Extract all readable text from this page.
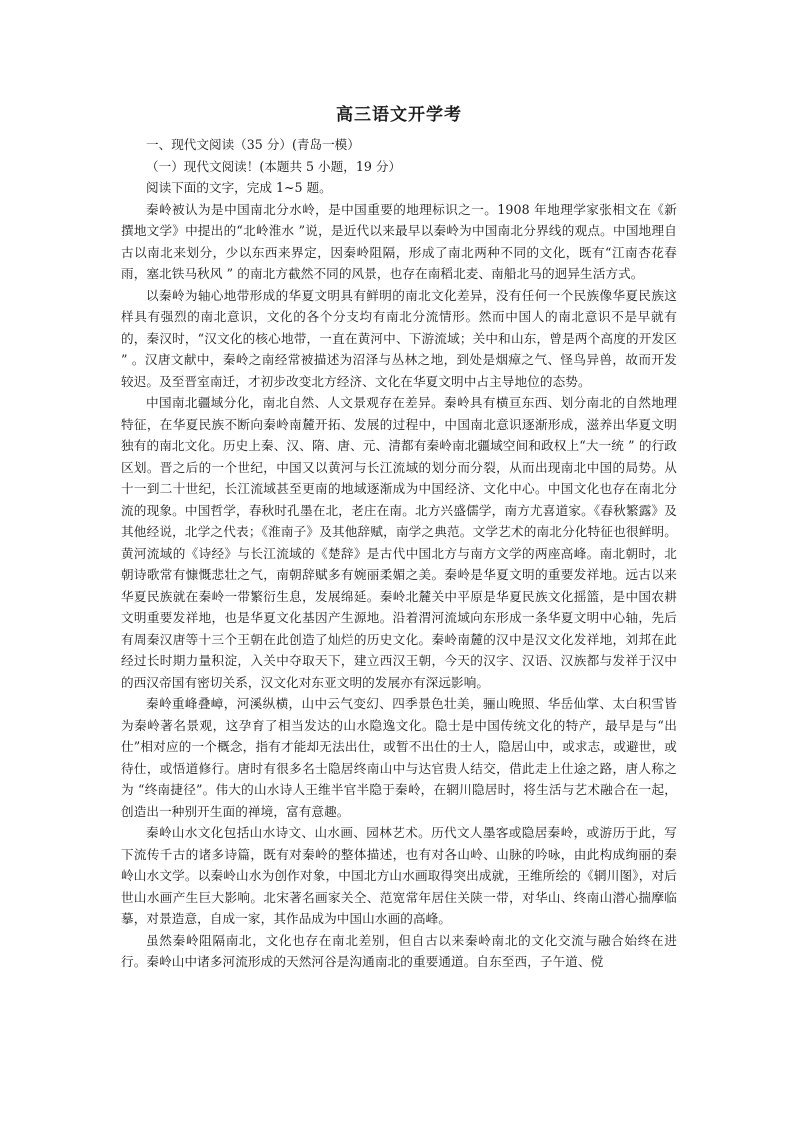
高三语文开学考

一、现代文阅读（35 分）(青岛一模）

（一）现代文阅读！(本题共 5 小题，19 分）

阅读下面的文字，完成 1~5 题。

秦岭被认为是中国南北分水岭，是中国重要的地理标识之一。1908 年地理学家张相文在《新撰地文学》中提出的“北岭淮水 ”说，是近代以来最早以秦岭为中国南北分界线的观点。中国地理自古以南北来划分，少以东西来界定，因秦岭阻隔，形成了南北两种不同的文化，既有“江南杏花春雨，塞北铁马秋风 ” 的南北方截然不同的风景，也存在南稻北麦、南船北马的迥异生活方式。

以秦岭为轴心地带形成的华夏文明具有鲜明的南北文化差异，没有任何一个民族像华夏民族这样具有强烈的南北意识，文化的各个分支均有南北分流情形。然而中国人的南北意识不是早就有的，秦汉时，“汉文化的核心地带，一直在黄河中、下游流域；关中和山东，曾是两个高度的开发区 ” 。汉唐文献中，秦岭之南经常被描述为沼泽与丛林之地，到处是烟瘴之气、怪鸟异兽，故而开发较迟。及至晋室南迁，才初步改变北方经济、文化在华夏文明中占主导地位的态势。

中国南北疆域分化，南北自然、人文景观存在差异。秦岭具有横亘东西、划分南北的自然地理特征，在华夏民族不断向秦岭南麓开拓、发展的过程中，中国南北意识逐渐形成，滋养出华夏文明独有的南北文化。历史上秦、汉、隋、唐、元、清都有秦岭南北疆域空间和政权上“大一统 ” 的行政区划。晋之后的一个世纪，中国又以黄河与长江流域的划分而分裂，从而出现南北中国的局势。从十一到二十世纪，长江流域甚至更南的地域逐渐成为中国经济、文化中心。中国文化也存在南北分流的现象。中国哲学，春秋时孔墨在北，老庄在南。北方兴盛儒学，南方尤喜道家。《春秋繁露》及其他经说，北学之代表；《淮南子》及其他辞赋，南学之典范。文学艺术的南北分化特征也很鲜明。黄河流域的《诗经》与长江流域的《楚辞》是古代中国北方与南方文学的两座高峰。南北朝时，北朝诗歌常有慷慨悲壮之气，南朝辞赋多有婉丽柔媚之美。秦岭是华夏文明的重要发祥地。远古以来华夏民族就在秦岭一带繁衍生息，发展绵延。秦岭北麓关中平原是华夏民族文化摇篮，是中国农耕文明重要发祥地，也是华夏文化基因产生源地。沿着渭河流域向东形成一条华夏文明中心轴，先后有周秦汉唐等十三个王朝在此创造了灿烂的历史文化。秦岭南麓的汉中是汉文化发祥地，刘邦在此经过长时期力量积淀，入关中夺取天下，建立西汉王朝，今天的汉字、汉语、汉族都与发祥于汉中的西汉帝国有密切关系，汉文化对东亚文明的发展亦有深远影响。

秦岭重峰叠嶂，河溪纵横，山中云气变幻、四季景色壮美，骊山晚照、华岳仙掌、太白积雪皆为秦岭著名景观，这孕育了相当发达的山水隐逸文化。隐士是中国传统文化的特产，最早是与“出仕”相对应的一个概念，指有才能却无法出仕，或暂不出仕的士人，隐居山中，或求志，或避世，或待仕，或悟道修行。唐时有很多名士隐居终南山中与达官贵人结交，借此走上仕途之路，唐人称之为 “终南捷径”。伟大的山水诗人王维半官半隐于秦岭，在辋川隐居时，将生活与艺术融合在一起，创造出一种别开生面的禅境，富有意趣。

秦岭山水文化包括山水诗文、山水画、园林艺术。历代文人墨客或隐居秦岭，或游历于此，写下流传千古的诸多诗篇，既有对秦岭的整体描述，也有对各山岭、山脉的吟咏，由此构成绚丽的秦岭山水文学。以秦岭山水为创作对象，中国北方山水画取得突出成就，王维所绘的《辋川图》，对后世山水画产生巨大影响。北宋著名画家关仝、范宽常年居住关陕一带，对华山、终南山潜心揣摩临摹，对景造意，自成一家，其作品成为中国山水画的高峰。

虽然秦岭阻隔南北，文化也存在南北差别，但自古以来秦岭南北的文化交流与融合始终在进行。秦岭山中诸多河流形成的天然河谷是沟通南北的重要通道。自东至西，子午道、傥
